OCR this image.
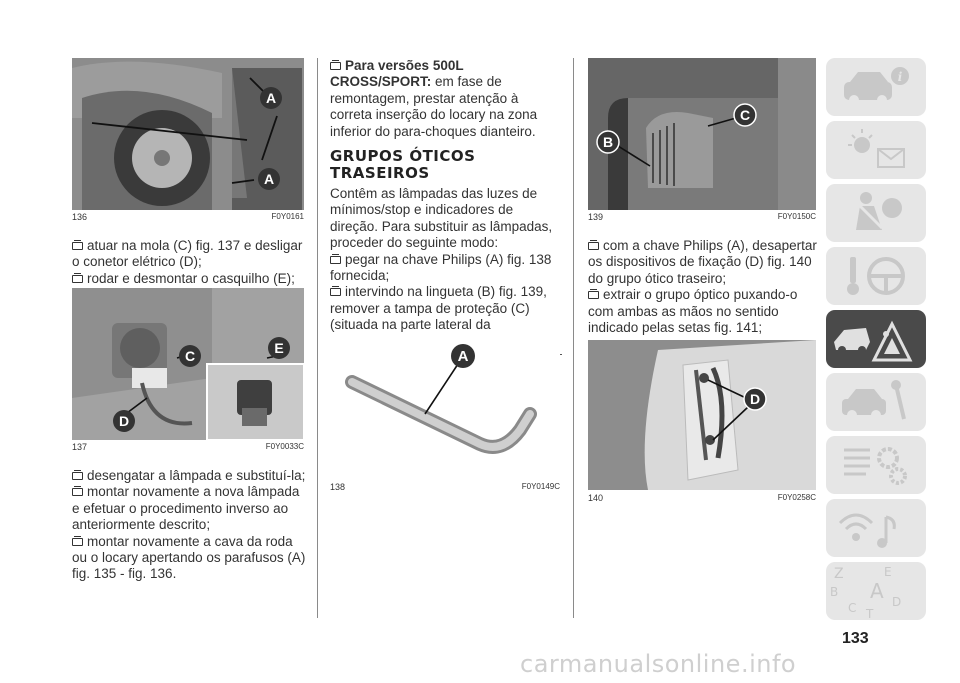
A
A
136	F0Y0161

atuar na mola (C) fig. 137 e desligar o conetor elétrico (D);

rodar e desmontar o casquilho (E);

C	E
D
137	F0Y0033C

desengatar a lâmpada e substituí-la;

montar novamente a nova lâmpada e efetuar o procedimento inverso ao anteriormente descrito;

montar novamente a cava da roda ou o locary apertando os parafusos (A) fig. 135 - fig. 136.

Para versões 500L CROSS/SPORT: em fase de remontagem, prestar atenção à correta inserção do locary na zona inferior do para-choques dianteiro.

GRUPOS ÓTICOS TRASEIROS

Contêm as lâmpadas das luzes de mínimos/stop e indicadores de direção. Para substituir as lâmpadas, proceder do seguinte modo:

pegar na chave Philips (A) fig. 138 fornecida;

intervindo na lingueta (B) fig. 139, remover a tampa de proteção (C) (situada na parte lateral da

A
138	F0Y0149C
B
C
139	F0Y0150C

com a chave Philips (A), desapertar os dispositivos de fixação (D) fig. 140 do grupo ótico traseiro;

extrair o grupo óptico puxando-o com ambas as mãos no sentido indicado pelas setas fig. 141;

D
140	F0Y0258C
i
Z	E
B A
C	D
T
133
carmanualsonline.info
